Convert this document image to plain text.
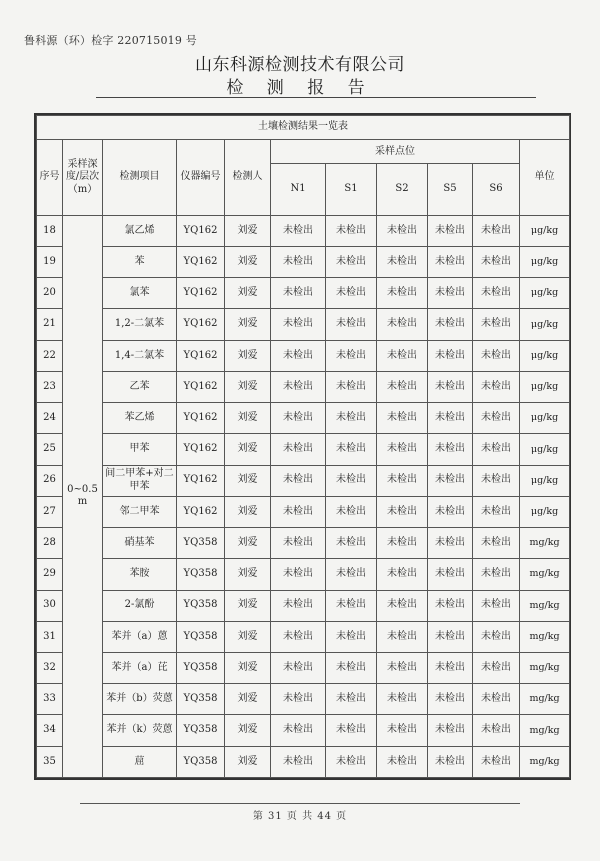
鲁科源（环）检字 220715019 号
山东科源检测技术有限公司
检 测 报 告
土壤检测结果一览表										
序号	采样深度/层次（m）	检测项目	仪器编号	检测人	采样点位					单位
					N1	S1	S2	S5	S6	

18	0~0.5 m	氯乙烯	YQ162	刘爱	未检出	未检出	未检出	未检出	未检出	μg/kg
19		苯	YQ162	刘爱	未检出	未检出	未检出	未检出	未检出	μg/kg
20		氯苯	YQ162	刘爱	未检出	未检出	未检出	未检出	未检出	μg/kg
21		1,2-二氯苯	YQ162	刘爱	未检出	未检出	未检出	未检出	未检出	μg/kg
22		1,4-二氯苯	YQ162	刘爱	未检出	未检出	未检出	未检出	未检出	μg/kg
23		乙苯	YQ162	刘爱	未检出	未检出	未检出	未检出	未检出	μg/kg
24		苯乙烯	YQ162	刘爱	未检出	未检出	未检出	未检出	未检出	μg/kg
25		甲苯	YQ162	刘爱	未检出	未检出	未检出	未检出	未检出	μg/kg
26		间二甲苯+对二甲苯	YQ162	刘爱	未检出	未检出	未检出	未检出	未检出	μg/kg
27		邻二甲苯	YQ162	刘爱	未检出	未检出	未检出	未检出	未检出	μg/kg
28		硝基苯	YQ358	刘爱	未检出	未检出	未检出	未检出	未检出	mg/kg
29		苯胺	YQ358	刘爱	未检出	未检出	未检出	未检出	未检出	mg/kg
30		2-氯酚	YQ358	刘爱	未检出	未检出	未检出	未检出	未检出	mg/kg
31		苯并（a）蒽	YQ358	刘爱	未检出	未检出	未检出	未检出	未检出	mg/kg
32		苯并（a）芘	YQ358	刘爱	未检出	未检出	未检出	未检出	未检出	mg/kg
33		苯并（b）荧蒽	YQ358	刘爱	未检出	未检出	未检出	未检出	未检出	mg/kg
34		苯并（k）荧蒽	YQ358	刘爱	未检出	未检出	未检出	未检出	未检出	mg/kg
35		䓛	YQ358	刘爱	未检出	未检出	未检出	未检出	未检出	mg/kg
第 31 页 共 44 页
